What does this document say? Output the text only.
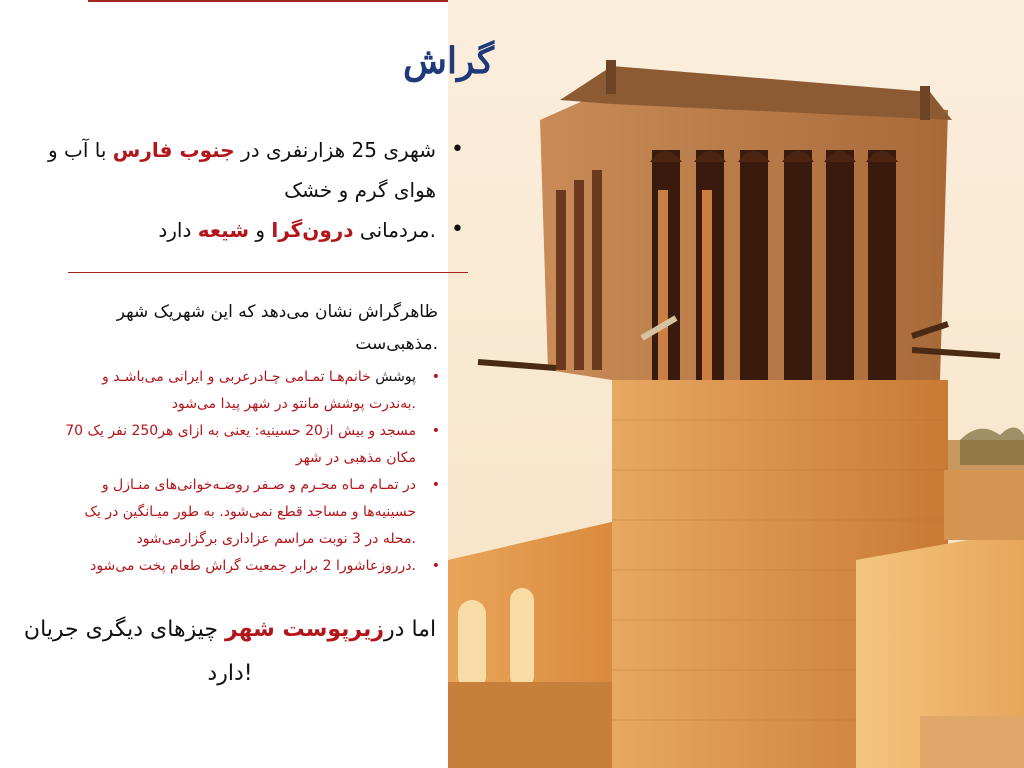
گراش
•
شهری 25 هزارنفری در جنوب فارس با آب و هوای گرم و خشک
•
مردمانی درون‌گرا و شیعه دارد.
ظاهرگراش نشان می‌دهد که این شهریک شهر مذهبی‌ست.
•
پوشش خانم‌هـا تمـامی چـادرعربی و ایرانی می‌باشـد و به‌ندرت پوشش مانتو در شهر پیدا می‌شود.
•
70 مسجد و بیش از20 حسینیه: یعنی به ازای هر250 نفر یک مکان مذهبی در شهر
•
در تمـام مـاه محـرم و صـفر روضـه‌خوانی‌های منـازل و حسینیه‌ها و مساجد قطع نمی‌شود. به طور میـانگین در یک محله در 3 نوبت مراسم عزاداری برگزارمی‌شود.
•
درروزعاشورا 2 برابر جمعیت گراش طعام پخت می‌شود.
اما درزیرپوست شهر چیزهای دیگری جریان دارد!
